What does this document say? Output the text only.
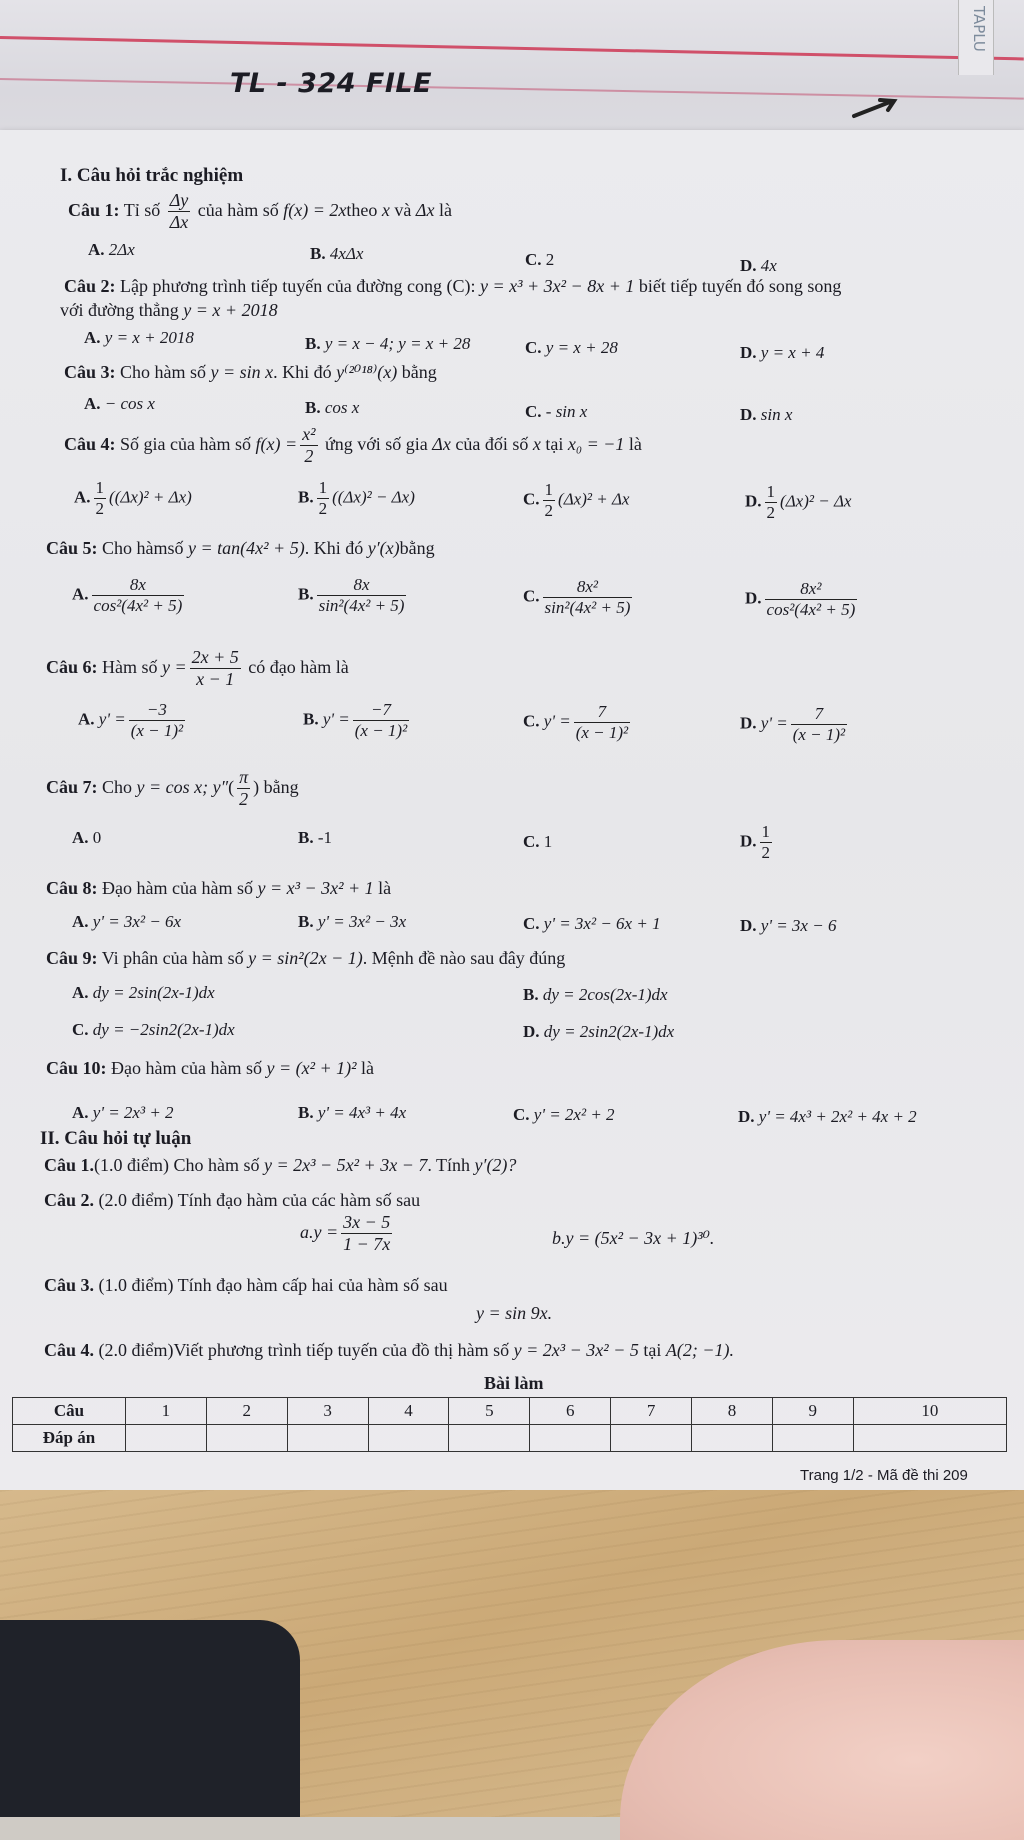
TAPLU
TL - 324 FILE
I. Câu hỏi trắc nghiệm
Câu 1: Tỉ số $\frac{\Delta y}{\Delta x}$ của hàm số f(x) = 2xtheo x và Δx là
A. 2Δx	B. 4xΔx	C. 2	D. 4x
Câu 2: Lập phương trình tiếp tuyến của đường cong (C): y = x³ + 3x² − 8x + 1 biết tiếp tuyến đó song song
với đường thẳng y = x + 2018
A. y = x + 2018	B. y = x − 4; y = x + 28	C. y = x + 28	D. y = x + 4
Câu 3: Cho hàm số y = sin x. Khi đó y⁽²⁰¹⁸⁾(x) bằng
A. − cos x	B. cos x	C. - sin x	D. sin x
Câu 4: Số gia của hàm số $f(x) = \frac{\text{x²}}{2}$ ứng với số gia Δx của đối số x tại x₀ = −1 là
A. $\frac{1}{2} ((\Delta x)^2 + \Delta x)$	B. $\frac{1}{2} ((\Delta x)^2 - \Delta x)$	C. $\frac{1}{2} (\Delta x)^2 + \Delta x$	D. $\frac{1}{2} (\Delta x)^2 - \Delta x$
Câu 5: Cho hàmsố y = tan(4x² + 5). Khi đó y′(x)bằng
A. $\frac{8x}{\text{cos²(4x² + 5)}}$	B. $\frac{8x}{\text{sin²(4x² + 5)}}$	C. $\frac{\text{8x²}}{\text{sin²(4x² + 5)}}$	D. $\frac{\text{8x²}}{\text{cos²(4x² + 5)}}$
Câu 6: Hàm số $y = \frac{2x + 5}{x - 1}$ có đạo hàm là
A. $y' = \frac{-3}{\text{(x − 1)²}}$	B. $y' = \frac{-7}{\text{(x − 1)²}}$	C. $y' = \frac{7}{\text{(x − 1)²}}$	D. $y' = \frac{7}{\text{(x − 1)²}}$
Câu 7: Cho y = cos x; $y''( \frac{\pi}{2}$ ) bằng
A. 0	B. -1	C. 1	D. $\frac{1}{2}$
Câu 8: Đạo hàm của hàm số y = x³ − 3x² + 1 là
A. y' = 3x² − 6x	B. y' = 3x² − 3x	C. y' = 3x² − 6x + 1	D. y' = 3x − 6
Câu 9: Vi phân của hàm số y = sin²(2x − 1). Mệnh đề nào sau đây đúng
A. dy = 2sin(2x-1)dx	B. dy = 2cos(2x-1)dx
C. dy = −2sin2(2x-1)dx	D. dy = 2sin2(2x-1)dx
Câu 10: Đạo hàm của hàm số y = (x² + 1)² là
A. y' = 2x³ + 2	B. y' = 4x³ + 4x	C. y' = 2x² + 2	D. y' = 4x³ + 2x² + 4x + 2
II. Câu hỏi tự luận
Câu 1.(1.0 điểm) Cho hàm số y = 2x³ − 5x² + 3x − 7. Tính y′(2)?
Câu 2. (2.0 điểm) Tính đạo hàm của các hàm số sau
$a.y = \frac{3x - 5}{1 - 7x}$	b.y = (5x² − 3x + 1)³⁰.
Câu 3. (1.0 điểm) Tính đạo hàm cấp hai của hàm số sau
y = sin 9x.
Câu 4. (2.0 điểm)Viết phương trình tiếp tuyến của đồ thị hàm số y = 2x³ − 3x² − 5 tại A(2; −1).
Bài làm
Câu	1	2	3	4	5	6	7	8	9	10
Đáp án										
Trang 1/2 - Mã đề thi 209
